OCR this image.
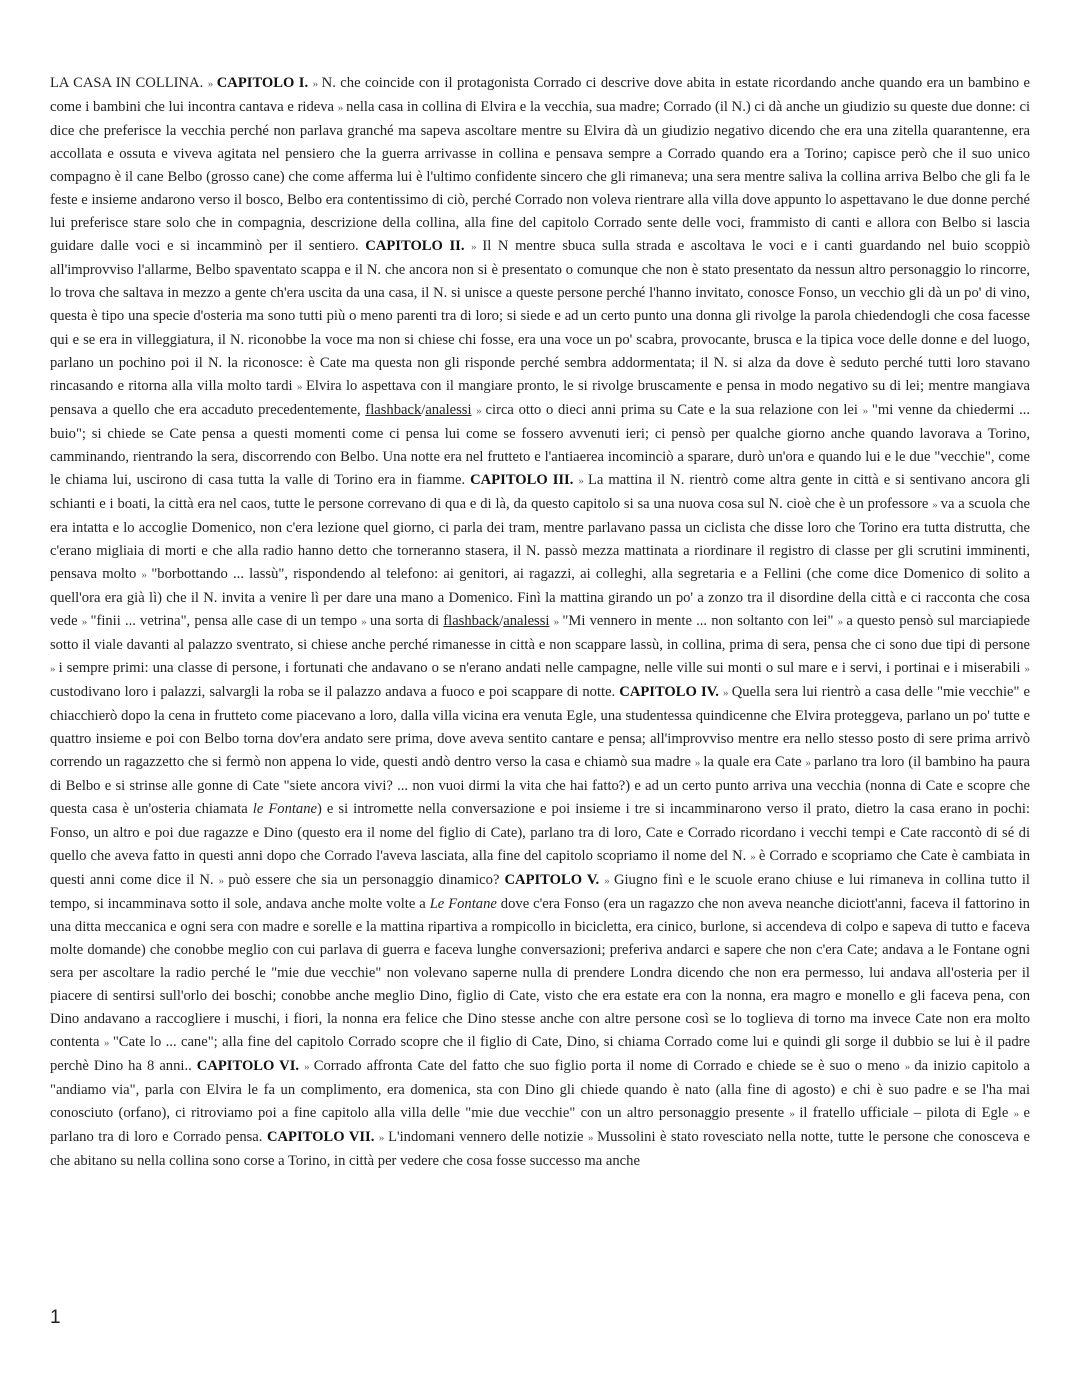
LA CASA IN COLLINA. » CAPITOLO I. » N. che coincide con il protagonista Corrado ci descrive dove abita in estate ricordando anche quando era un bambino e come i bambini che lui incontra cantava e rideva » nella casa in collina di Elvira e la vecchia, sua madre; Corrado (il N.) ci dà anche un giudizio su queste due donne: ci dice che preferisce la vecchia perché non parlava granché ma sapeva ascoltare mentre su Elvira dà un giudizio negativo dicendo che era una zitella quarantenne, era accollata e ossuta e viveva agitata nel pensiero che la guerra arrivasse in collina e pensava sempre a Corrado quando era a Torino; capisce però che il suo unico compagno è il cane Belbo (grosso cane) che come afferma lui è l'ultimo confidente sincero che gli rimaneva; una sera mentre saliva la collina arriva Belbo che gli fa le feste e insieme andarono verso il bosco, Belbo era contentissimo di ciò, perché Corrado non voleva rientrare alla villa dove appunto lo aspettavano le due donne perché lui preferisce stare solo che in compagnia, descrizione della collina, alla fine del capitolo Corrado sente delle voci, frammisto di canti e allora con Belbo si lascia guidare dalle voci e si incamminò per il sentiero. CAPITOLO II. » Il N mentre sbuca sulla strada e ascoltava le voci e i canti guardando nel buio scoppiò all'improvviso l'allarme, Belbo spaventato scappa e il N. che ancora non si è presentato o comunque che non è stato presentato da nessun altro personaggio lo rincorre, lo trova che saltava in mezzo a gente ch'era uscita da una casa, il N. si unisce a queste persone perché l'hanno invitato, conosce Fonso, un vecchio gli dà un po' di vino, questa è tipo una specie d'osteria ma sono tutti più o meno parenti tra di loro; si siede e ad un certo punto una donna gli rivolge la parola chiedendogli che cosa facesse qui e se era in villeggiatura, il N. riconobbe la voce ma non si chiese chi fosse, era una voce un po' scabra, provocante, brusca e la tipica voce delle donne e del luogo, parlano un pochino poi il N. la riconosce: è Cate ma questa non gli risponde perché sembra addormentata; il N. si alza da dove è seduto perché tutti loro stavano rincasando e ritorna alla villa molto tardi » Elvira lo aspettava con il mangiare pronto, le si rivolge bruscamente e pensa in modo negativo su di lei; mentre mangiava pensava a quello che era accaduto precedentemente, flashback/analessi » circa otto o dieci anni prima su Cate e la sua relazione con lei » "mi venne da chiedermi ... buio"; si chiede se Cate pensa a questi momenti come ci pensa lui come se fossero avvenuti ieri; ci pensò per qualche giorno anche quando lavorava a Torino, camminando, rientrando la sera, discorrendo con Belbo. Una notte era nel frutteto e l'antiaerea incominciò a sparare, durò un'ora e quando lui e le due "vecchie", come le chiama lui, uscirono di casa tutta la valle di Torino era in fiamme. CAPITOLO III. » La mattina il N. rientrò come altra gente in città e si sentivano ancora gli schianti e i boati, la città era nel caos, tutte le persone correvano di qua e di là, da questo capitolo si sa una nuova cosa sul N. cioè che è un professore » va a scuola che era intatta e lo accoglie Domenico, non c'era lezione quel giorno, ci parla dei tram, mentre parlavano passa un ciclista che disse loro che Torino era tutta distrutta, che c'erano migliaia di morti e che alla radio hanno detto che torneranno stasera, il N. passò mezza mattinata a riordinare il registro di classe per gli scrutini imminenti, pensava molto » "borbottando ... lassù", rispondendo al telefono: ai genitori, ai ragazzi, ai colleghi, alla segretaria e a Fellini (che come dice Domenico di solito a quell'ora era già lì) che il N. invita a venire lì per dare una mano a Domenico. Finì la mattina girando un po' a zonzo tra il disordine della città e ci racconta che cosa vede » "finii ... vetrina", pensa alle case di un tempo » una sorta di flashback/analessi » "Mi vennero in mente ... non soltanto con lei" » a questo pensò sul marciapiede sotto il viale davanti al palazzo sventrato, si chiese anche perché rimanesse in città e non scappare lassù, in collina, prima di sera, pensa che ci sono due tipi di persone » i sempre primi: una classe di persone, i fortunati che andavano o se n'erano andati nelle campagne, nelle ville sui monti o sul mare e i servi, i portinai e i miserabili » custodivano loro i palazzi, salvargli la roba se il palazzo andava a fuoco e poi scappare di notte. CAPITOLO IV. » Quella sera lui rientrò a casa delle "mie vecchie" e chiacchierò dopo la cena in frutteto come piacevano a loro, dalla villa vicina era venuta Egle, una studentessa quindicenne che Elvira proteggeva, parlano un po' tutte e quattro insieme e poi con Belbo torna dov'era andato sere prima, dove aveva sentito cantare e pensa; all'improvviso mentre era nello stesso posto di sere prima arrivò correndo un ragazzetto che si fermò non appena lo vide, questi andò dentro verso la casa e chiamò sua madre » la quale era Cate » parlano tra loro (il bambino ha paura di Belbo e si strinse alle gonne di Cate "siete ancora vivi? ... non vuoi dirmi la vita che hai fatto?) e ad un certo punto arriva una vecchia (nonna di Cate e scopre che questa casa è un'osteria chiamata le Fontane) e si intromette nella conversazione e poi insieme i tre si incamminarono verso il prato, dietro la casa erano in pochi: Fonso, un altro e poi due ragazze e Dino (questo era il nome del figlio di Cate), parlano tra di loro, Cate e Corrado ricordano i vecchi tempi e Cate raccontò di sé di quello che aveva fatto in questi anni dopo che Corrado l'aveva lasciata, alla fine del capitolo scopriamo il nome del N. » è Corrado e scopriamo che Cate è cambiata in questi anni come dice il N. » può essere che sia un personaggio dinamico? CAPITOLO V. » Giugno finì e le scuole erano chiuse e lui rimaneva in collina tutto il tempo, si incamminava sotto il sole, andava anche molte volte a Le Fontane dove c'era Fonso (era un ragazzo che non aveva neanche diciott'anni, faceva il fattorino in una ditta meccanica e ogni sera con madre e sorelle e la mattina ripartiva a rompicollo in bicicletta, era cinico, burlone, si accendeva di colpo e sapeva di tutto e faceva molte domande) che conobbe meglio con cui parlava di guerra e faceva lunghe conversazioni; preferiva andarci e sapere che non c'era Cate; andava a le Fontane ogni sera per ascoltare la radio perché le "mie due vecchie" non volevano saperne nulla di prendere Londra dicendo che non era permesso, lui andava all'osteria per il piacere di sentirsi sull'orlo dei boschi; conobbe anche meglio Dino, figlio di Cate, visto che era estate era con la nonna, era magro e monello e gli faceva pena, con Dino andavano a raccogliere i muschi, i fiori, la nonna era felice che Dino stesse anche con altre persone così se lo toglieva di torno ma invece Cate non era molto contenta » "Cate lo ... cane"; alla fine del capitolo Corrado scopre che il figlio di Cate, Dino, si chiama Corrado come lui e quindi gli sorge il dubbio se lui è il padre perchè Dino ha 8 anni.. CAPITOLO VI. » Corrado affronta Cate del fatto che suo figlio porta il nome di Corrado e chiede se è suo o meno » da inizio capitolo a "andiamo via", parla con Elvira le fa un complimento, era domenica, sta con Dino gli chiede quando è nato (alla fine di agosto) e chi è suo padre e se l'ha mai conosciuto (orfano), ci ritroviamo poi a fine capitolo alla villa delle "mie due vecchie" con un altro personaggio presente » il fratello ufficiale – pilota di Egle » e parlano tra di loro e Corrado pensa. CAPITOLO VII. » L'indomani vennero delle notizie » Mussolini è stato rovesciato nella notte, tutte le persone che conosceva e che abitano su nella collina sono corse a Torino, in città per vedere che cosa fosse successo ma anche
1
